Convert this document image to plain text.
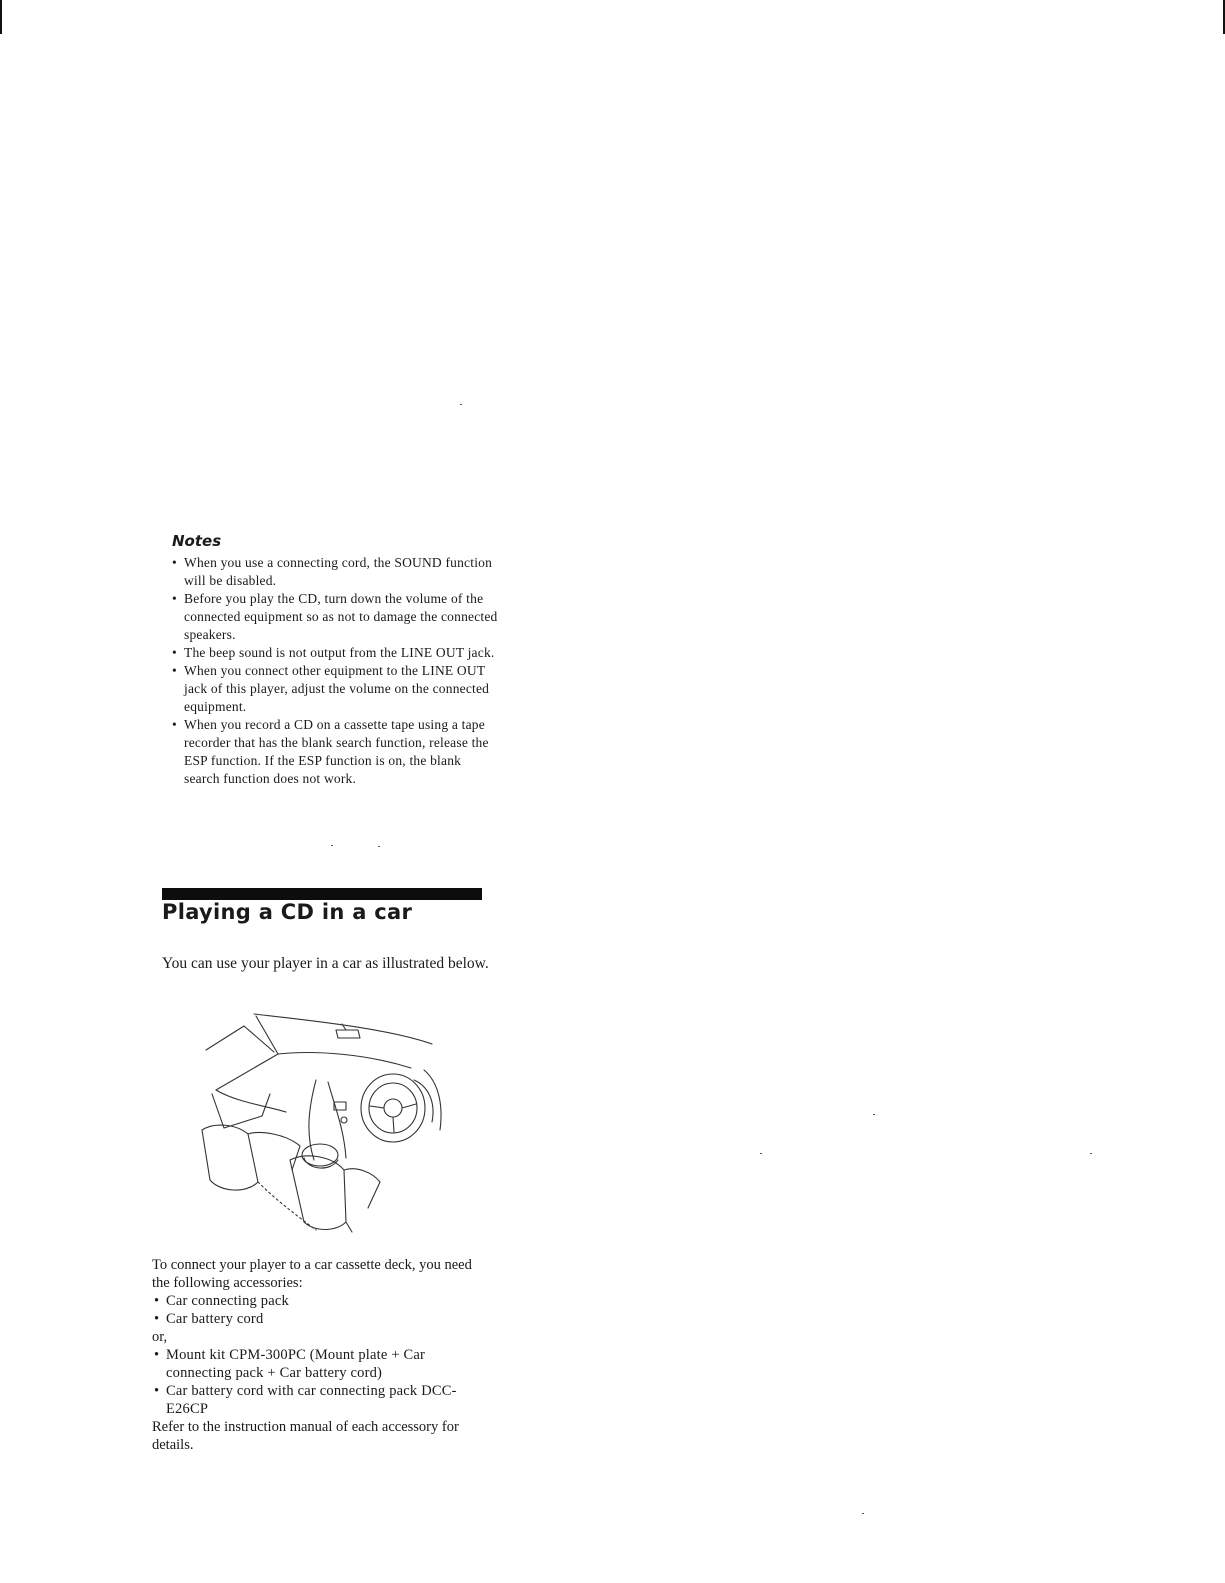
Notes
• When you use a connecting cord, the SOUND function will be disabled.
• Before you play the CD, turn down the volume of the connected equipment so as not to damage the connected speakers.
• The beep sound is not output from the LINE OUT jack.
• When you connect other equipment to the LINE OUT jack of this player, adjust the volume on the connected equipment.
• When you record a CD on a cassette tape using a tape recorder that has the blank search function, release the ESP function. If the ESP function is on, the blank search function does not work.
Playing a CD in a car

You can use your player in a car as illustrated below.

To connect your player to a car cassette deck, you need the following accessories:

• Car connecting pack
• Car battery cord

or,

• Mount kit CPM-300PC (Mount plate + Car connecting pack + Car battery cord)
• Car battery cord with car connecting pack DCC-E26CP

Refer to the instruction manual of each accessory for details.
